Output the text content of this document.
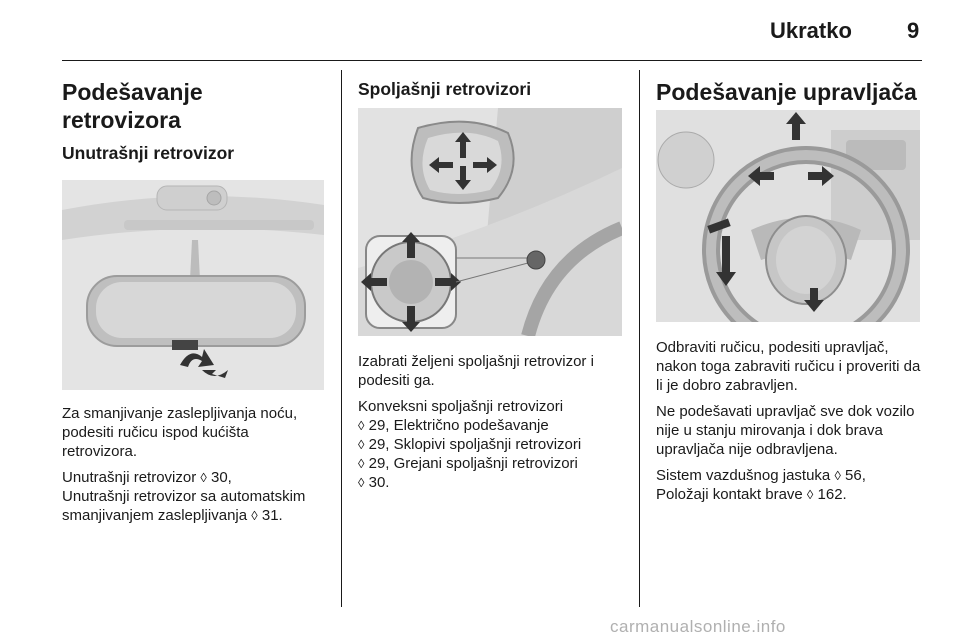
Ukratko	9
Podešavanje retrovizora
Unutrašnji retrovizor

Za smanjivanje zaslepljivanja noću, podesiti ručicu ispod kućišta retrovizora.

Unutrašnji retrovizor ◊ 30,
Unutrašnji retrovizor sa automatskim smanjivanjem zaslepljivanja ◊ 31.

Spoljašnji retrovizori

Izabrati željeni spoljašnji retrovizor i podesiti ga.

Konveksni spoljašnji retrovizori
◊ 29, Električno podešavanje
◊ 29, Sklopivi spoljašnji retrovizori
◊ 29, Grejani spoljašnji retrovizori
◊ 30.

Podešavanje upravljača

Odbraviti ručicu, podesiti upravljač, nakon toga zabraviti ručicu i proveriti da li je dobro zabravljen.

Ne podešavati upravljač sve dok vozilo nije u stanju mirovanja i dok brava upravljača nije odbravljena.

Sistem vazdušnog jastuka ◊ 56,
Položaji kontakt brave ◊ 162.

carmanualsonline.info
